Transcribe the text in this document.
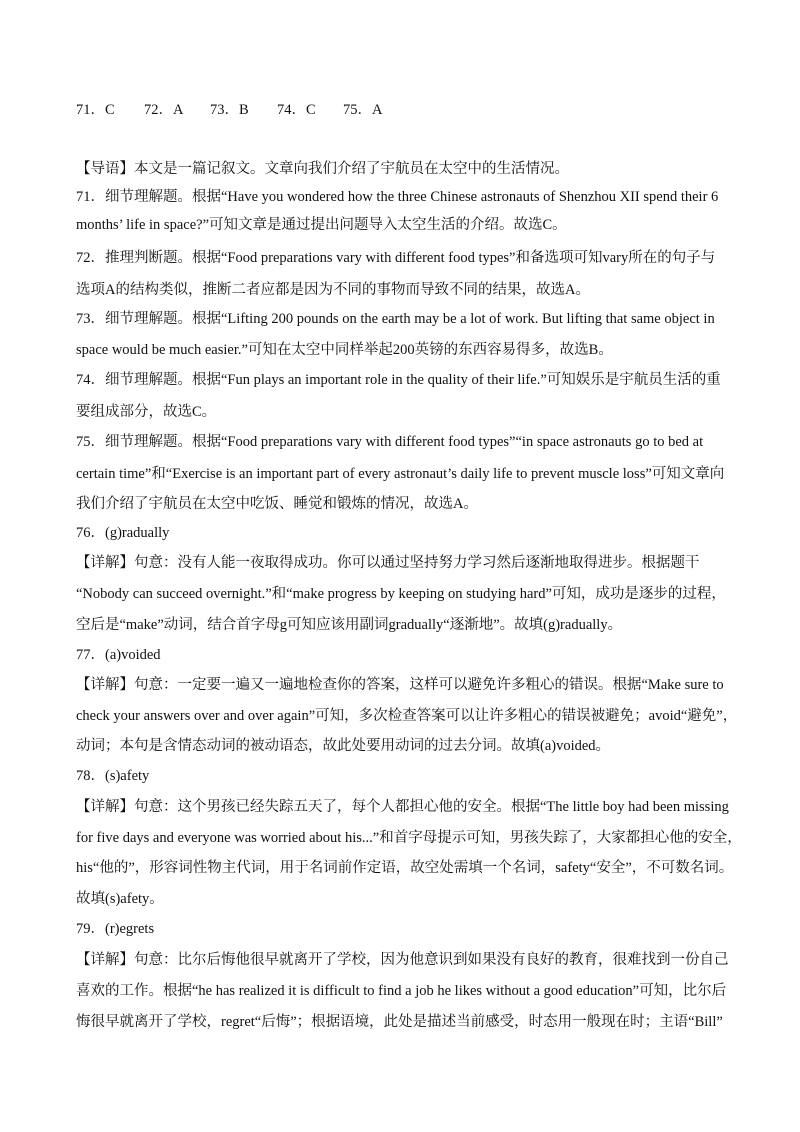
71．C	72．A	73．B	74．C	75．A
【导语】本文是一篇记叙文。文章向我们介绍了宇航员在太空中的生活情况。
71．细节理解题。根据“Have you wondered how the three Chinese astronauts of Shenzhou XII spend their 6
months’ life in space?”可知文章是通过提出问题导入太空生活的介绍。故选C。
72．推理判断题。根据“Food preparations vary with different food types”和备选项可知vary所在的句子与
选项A的结构类似，推断二者应都是因为不同的事物而导致不同的结果，故选A。
73．细节理解题。根据“Lifting 200 pounds on the earth may be a lot of work. But lifting that same object in
space would be much easier.”可知在太空中同样举起200英镑的东西容易得多，故选B。
74．细节理解题。根据“Fun plays an important role in the quality of their life.”可知娱乐是宇航员生活的重
要组成部分，故选C。
75．细节理解题。根据“Food preparations vary with different food types”“in space astronauts go to bed at
certain time”和“Exercise is an important part of every astronaut’s daily life to prevent muscle loss”可知文章向
我们介绍了宇航员在太空中吃饭、睡觉和锻炼的情况，故选A。
76．(g)radually
【详解】句意：没有人能一夜取得成功。你可以通过坚持努力学习然后逐渐地取得进步。根据题干
“Nobody can succeed overnight.”和“make progress by keeping on studying hard”可知，成功是逐步的过程，
空后是“make”动词，结合首字母g可知应该用副词gradually“逐渐地”。故填(g)radually。
77．(a)voided
【详解】句意：一定要一遍又一遍地检查你的答案，这样可以避免许多粗心的错误。根据“Make sure to
check your answers over and over again”可知，多次检查答案可以让许多粗心的错误被避免；avoid“避免”，
动词；本句是含情态动词的被动语态，故此处要用动词的过去分词。故填(a)voided。
78．(s)afety
【详解】句意：这个男孩已经失踪五天了，每个人都担心他的安全。根据“The little boy had been missing
for five days and everyone was worried about his...”和首字母提示可知，男孩失踪了，大家都担心他的安全，
his“他的”，形容词性物主代词，用于名词前作定语，故空处需填一个名词，safety“安全”，不可数名词。
故填(s)afety。
79．(r)egrets
【详解】句意：比尔后悔他很早就离开了学校，因为他意识到如果没有良好的教育，很难找到一份自己
喜欢的工作。根据“he has realized it is difficult to find a job he likes without a good education”可知，比尔后
悔很早就离开了学校，regret“后悔”；根据语境，此处是描述当前感受，时态用一般现在时；主语“Bill”
